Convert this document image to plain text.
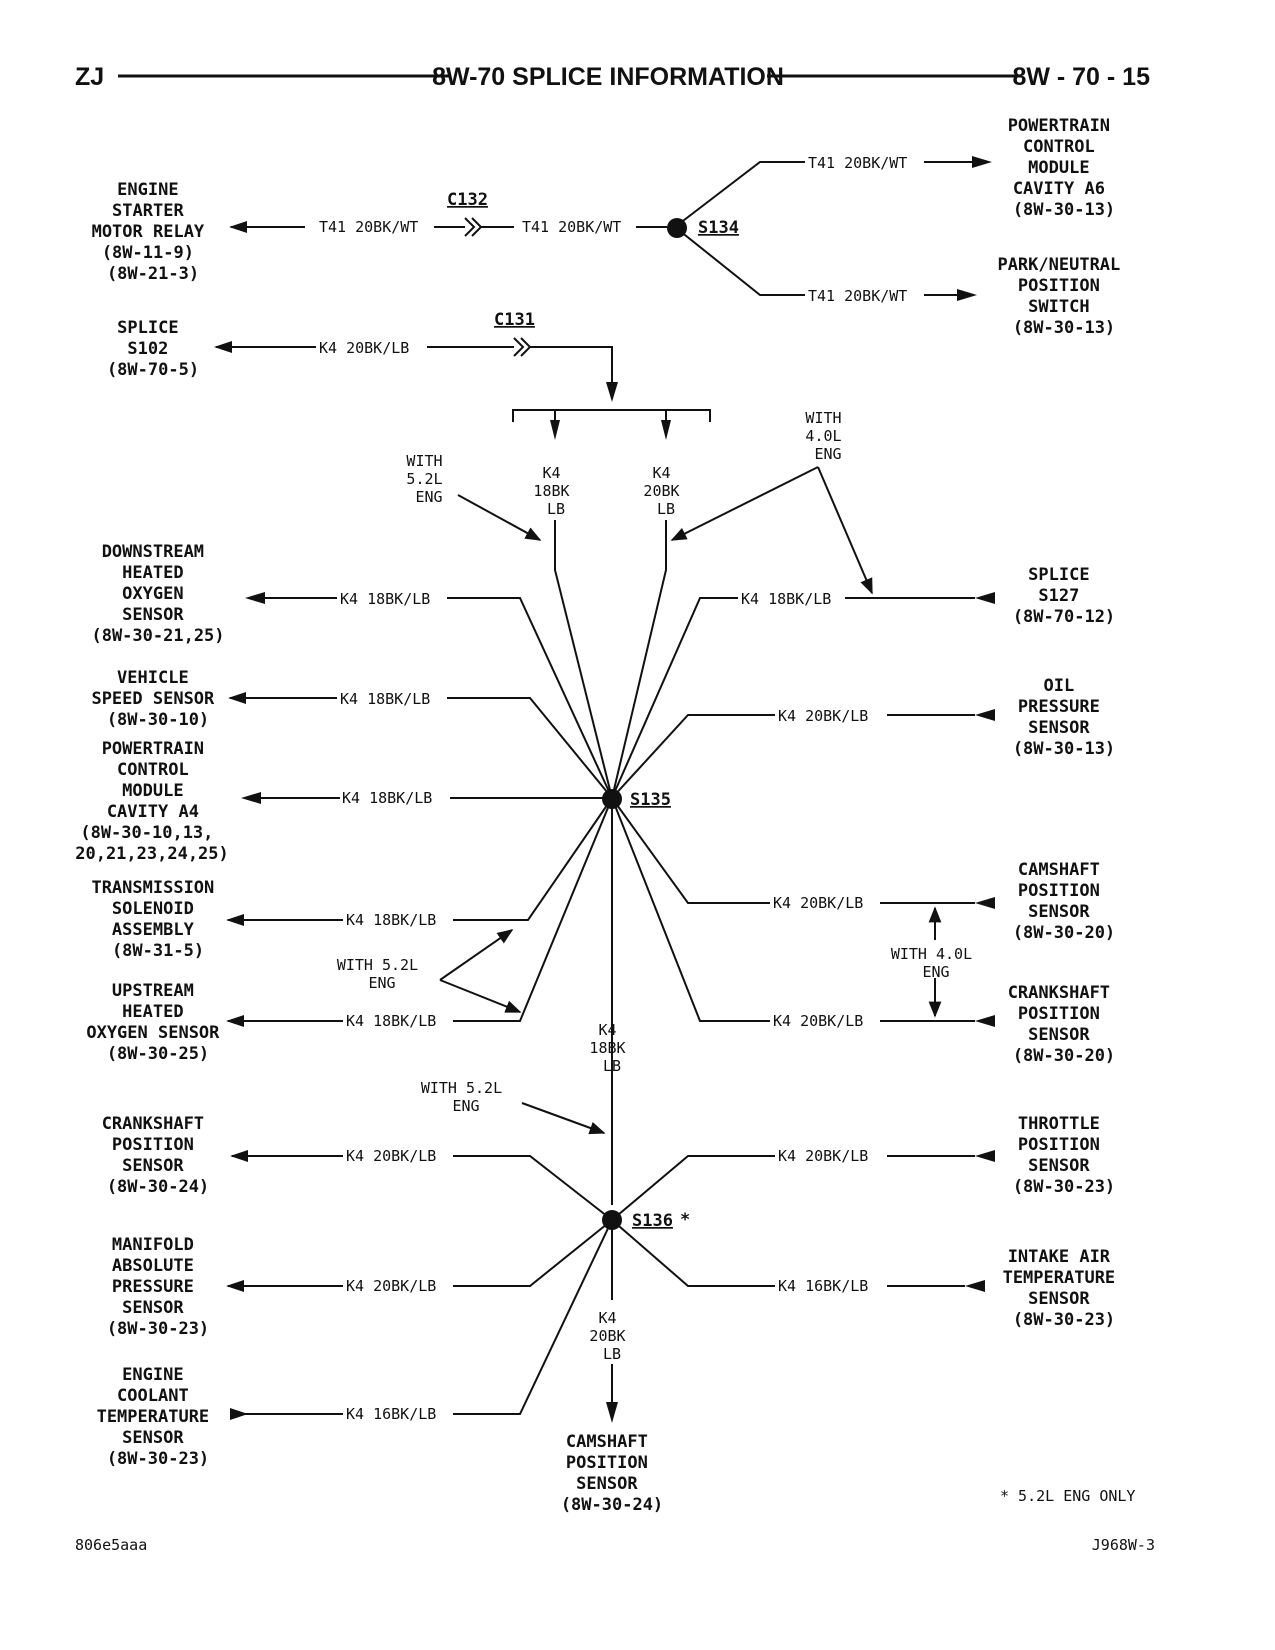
ZJ	8W-70 SPLICE INFORMATION	8W - 70 - 15
ENGINE STARTER MOTOR RELAY (8W-11-9) (8W-21-3)
POWERTRAIN CONTROL MODULE CAVITY A6 (8W-30-13)
PARK/NEUTRAL POSITION SWITCH (8W-30-13)
SPLICE S102 (8W-70-5)
DOWNSTREAM HEATED OXYGEN SENSOR (8W-30-21,25)
VEHICLE SPEED SENSOR (8W-30-10)
POWERTRAIN CONTROL MODULE CAVITY A4 (8W-30-10,13, 20,21,23,24,25)
TRANSMISSION SOLENOID ASSEMBLY (8W-31-5)
UPSTREAM HEATED OXYGEN SENSOR (8W-30-25)
SPLICE S127 (8W-70-12)
OIL PRESSURE SENSOR (8W-30-13)
CAMSHAFT POSITION SENSOR (8W-30-20)
CRANKSHAFT POSITION SENSOR (8W-30-20)
CRANKSHAFT POSITION SENSOR (8W-30-24)
MANIFOLD ABSOLUTE PRESSURE SENSOR (8W-30-23)
ENGINE COOLANT TEMPERATURE SENSOR (8W-30-23)
THROTTLE POSITION SENSOR (8W-30-23)
INTAKE AIR TEMPERATURE SENSOR (8W-30-23)
CAMSHAFT POSITION SENSOR (8W-30-24)
T41 20BK/WT	T41 20BK/WT
T41 20BK/WT
T41 20BK/WT
S134
C132
K4 20BK/LB
C131
K4 18BK LB
K4 20BK LB
WITH 5.2L ENG
WITH 4.0L ENG
K4 18BK/LB
K4 18BK/LB
K4 18BK/LB
K4 18BK/LB
K4 18BK/LB
K4 18BK/LB
K4 20BK/LB
K4 20BK/LB
K4 20BK/LB
S135
K4 18BK LB
WITH 5.2L ENG
WITH 4.0L ENG
WITH 5.2L ENG
K4 20BK/LB
K4 20BK/LB
K4 16BK/LB
K4 20BK/LB
K4 16BK/LB
S136 *
K4 20BK LB
* 5.2L ENG ONLY
806e5aaa	J968W-3
